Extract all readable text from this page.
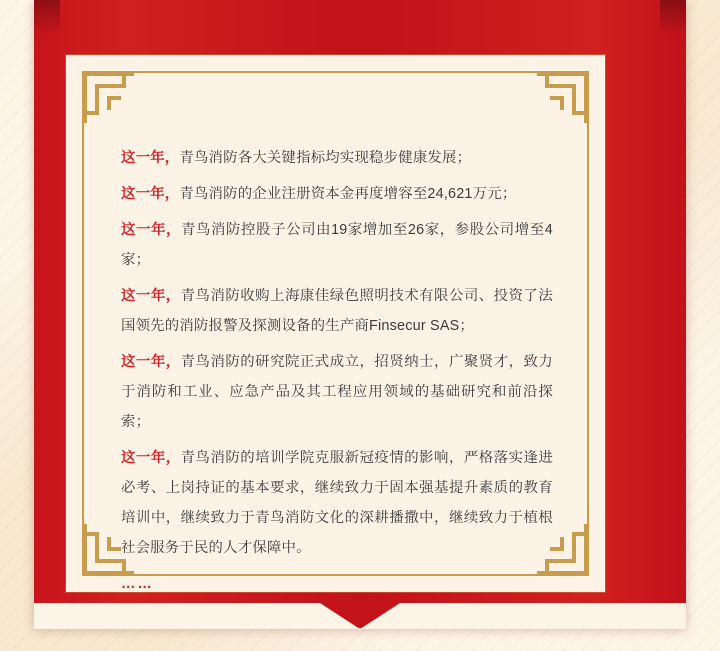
这一年，青鸟消防各大关键指标均实现稳步健康发展；

这一年，青鸟消防的企业注册资本金再度增容至24,621万元；

这一年，青鸟消防控股子公司由19家增加至26家，参股公司增至4家；

这一年，青鸟消防收购上海康佳绿色照明技术有限公司、投资了法国领先的消防报警及探测设备的生产商Finsecur SAS；

这一年，青鸟消防的研究院正式成立，招贤纳士，广聚贤才，致力于消防和工业、应急产品及其工程应用领域的基础研究和前沿探索；

这一年，青鸟消防的培训学院克服新冠疫情的影响，严格落实逢进必考、上岗持证的基本要求，继续致力于固本强基提升素质的教育培训中，继续致力于青鸟消防文化的深耕播撒中，继续致力于植根社会服务于民的人才保障中。

……
